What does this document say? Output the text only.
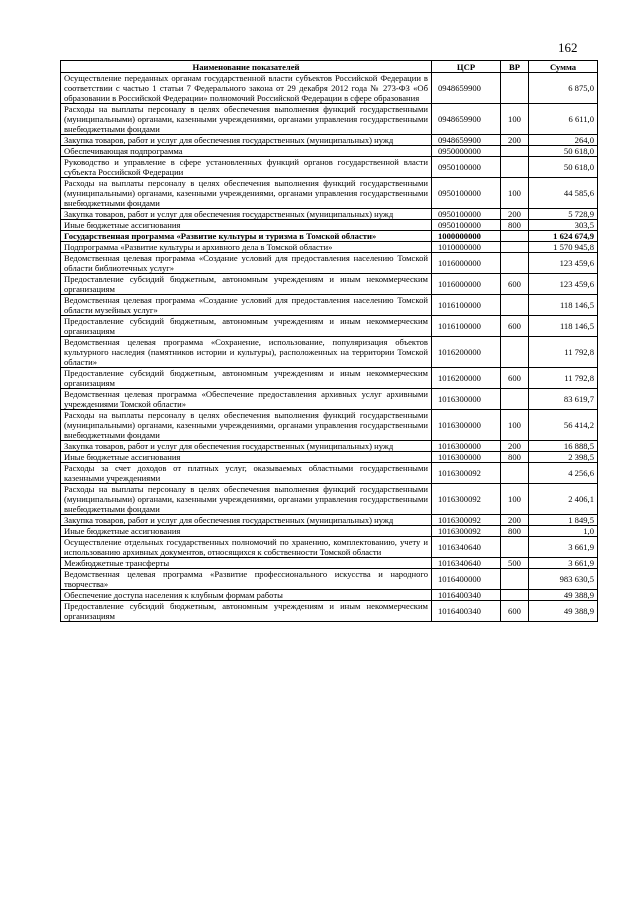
162
Наименование показателей	ЦСР	ВР	Сумма
Осуществление переданных органам государственной власти субъектов Российской Федерации в соответствии с частью 1 статьи 7 Федерального закона от 29 декабря 2012 года № 273-ФЗ «Об образовании в Российской Федерации» полномочий Российской Федерации в сфере образования	0948659900		6 875,0
Расходы на выплаты персоналу в целях обеспечения выполнения функций государственными (муниципальными) органами, казенными учреждениями, органами управления государственными внебюджетными фондами	0948659900	100	6 611,0
Закупка товаров, работ и услуг для обеспечения государственных (муниципальных) нужд	0948659900	200	264,0
Обеспечивающая подпрограмма	0950000000		50 618,0
Руководство и управление в сфере установленных функций органов государственной власти субъекта Российской Федерации	0950100000		50 618,0
Расходы на выплаты персоналу в целях обеспечения выполнения функций государственными (муниципальными) органами, казенными учреждениями, органами управления государственными внебюджетными фондами	0950100000	100	44 585,6
Закупка товаров, работ и услуг для обеспечения государственных (муниципальных) нужд	0950100000	200	5 728,9
Иные бюджетные ассигнования	0950100000	800	303,5
Государственная программа «Развитие культуры и туризма в Томской области»	1000000000		1 624 674,9
Подпрограмма «Развитие культуры и архивного дела в Томской области»	1010000000		1 570 945,8
Ведомственная целевая программа «Создание условий для предоставления населению Томской области библиотечных услуг»	1016000000		123 459,6
Предоставление субсидий бюджетным, автономным учреждениям и иным некоммерческим организациям	1016000000	600	123 459,6
Ведомственная целевая программа «Создание условий для предоставления населению Томской области музейных услуг»	1016100000		118 146,5
Предоставление субсидий бюджетным, автономным учреждениям и иным некоммерческим организациям	1016100000	600	118 146,5
Ведомственная целевая программа «Сохранение, использование, популяризация объектов культурного наследия (памятников истории и культуры), расположенных на территории Томской области»	1016200000		11 792,8
Предоставление субсидий бюджетным, автономным учреждениям и иным некоммерческим организациям	1016200000	600	11 792,8
Ведомственная целевая программа «Обеспечение предоставления архивных услуг архивными учреждениями Томской области»	1016300000		83 619,7
Расходы на выплаты персоналу в целях обеспечения выполнения функций государственными (муниципальными) органами, казенными учреждениями, органами управления государственными внебюджетными фондами	1016300000	100	56 414,2
Закупка товаров, работ и услуг для обеспечения государственных (муниципальных) нужд	1016300000	200	16 888,5
Иные бюджетные ассигнования	1016300000	800	2 398,5
Расходы за счет доходов от платных услуг, оказываемых областными государственными казенными учреждениями	1016300092		4 256,6
Расходы на выплаты персоналу в целях обеспечения выполнения функций государственными (муниципальными) органами, казенными учреждениями, органами управления государственными внебюджетными фондами	1016300092	100	2 406,1
Закупка товаров, работ и услуг для обеспечения государственных (муниципальных) нужд	1016300092	200	1 849,5
Иные бюджетные ассигнования	1016300092	800	1,0
Осуществление отдельных государственных полномочий по хранению, комплектованию, учету и использованию архивных документов, относящихся к собственности Томской области	1016340640		3 661,9
Межбюджетные трансферты	1016340640	500	3 661,9
Ведомственная целевая программа «Развитие профессионального искусства и народного творчества»	1016400000		983 630,5
Обеспечение доступа населения к клубным формам работы	1016400340		49 388,9
Предоставление субсидий бюджетным, автономным учреждениям и иным некоммерческим организациям	1016400340	600	49 388,9
